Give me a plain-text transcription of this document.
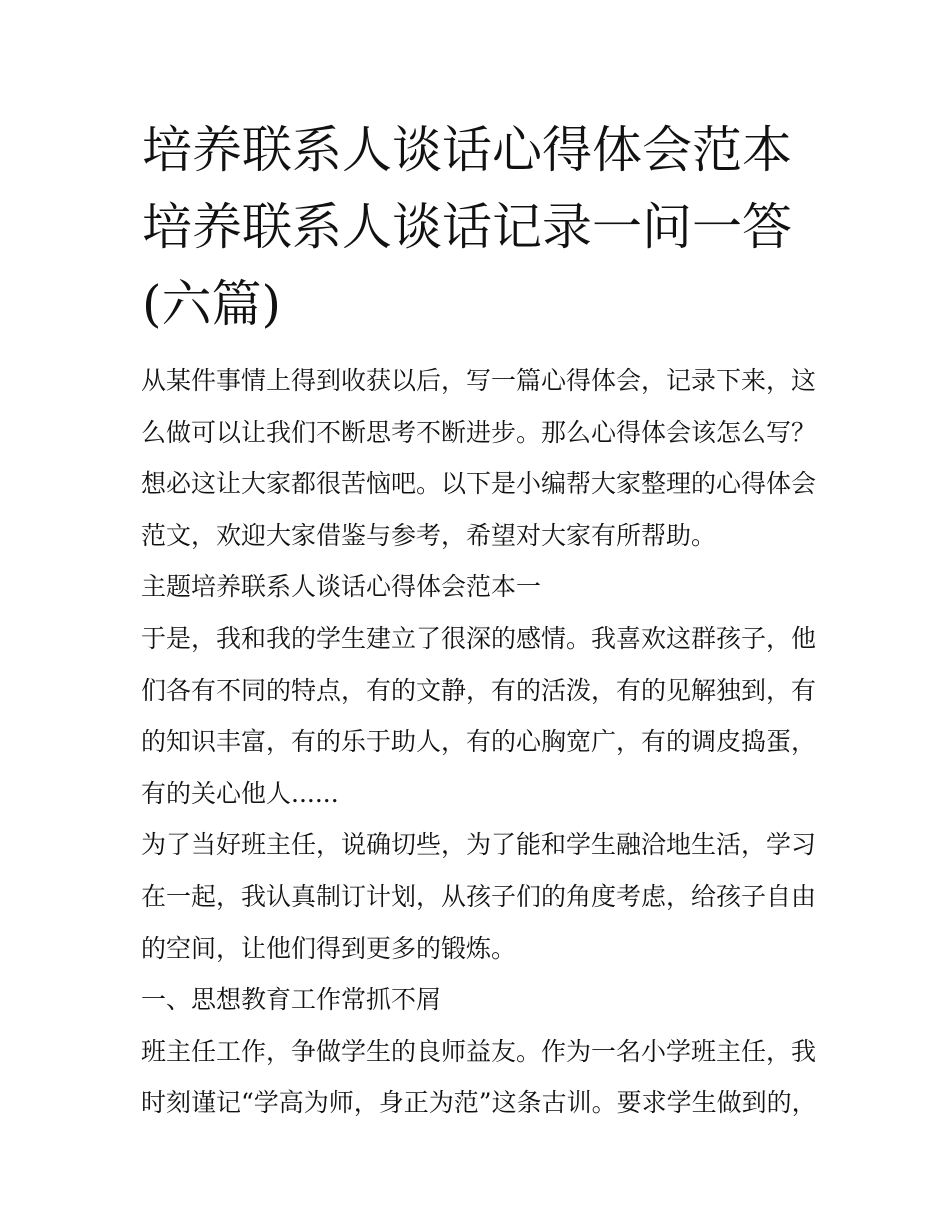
培养联系人谈话心得体会范本
培养联系人谈话记录一问一答
(六篇)
从某件事情上得到收获以后，写一篇心得体会，记录下来，这
么做可以让我们不断思考不断进步。那么心得体会该怎么写？
想必这让大家都很苦恼吧。以下是小编帮大家整理的心得体会
范文，欢迎大家借鉴与参考，希望对大家有所帮助。
主题培养联系人谈话心得体会范本一
于是，我和我的学生建立了很深的感情。我喜欢这群孩子，他
们各有不同的特点，有的文静，有的活泼，有的见解独到，有
的知识丰富，有的乐于助人，有的心胸宽广，有的调皮捣蛋，
有的关心他人......
为了当好班主任，说确切些，为了能和学生融洽地生活，学习
在一起，我认真制订计划，从孩子们的角度考虑，给孩子自由
的空间，让他们得到更多的锻炼。
一、思想教育工作常抓不屑
班主任工作，争做学生的良师益友。作为一名小学班主任，我
时刻谨记“学高为师，身正为范”这条古训。要求学生做到的，
